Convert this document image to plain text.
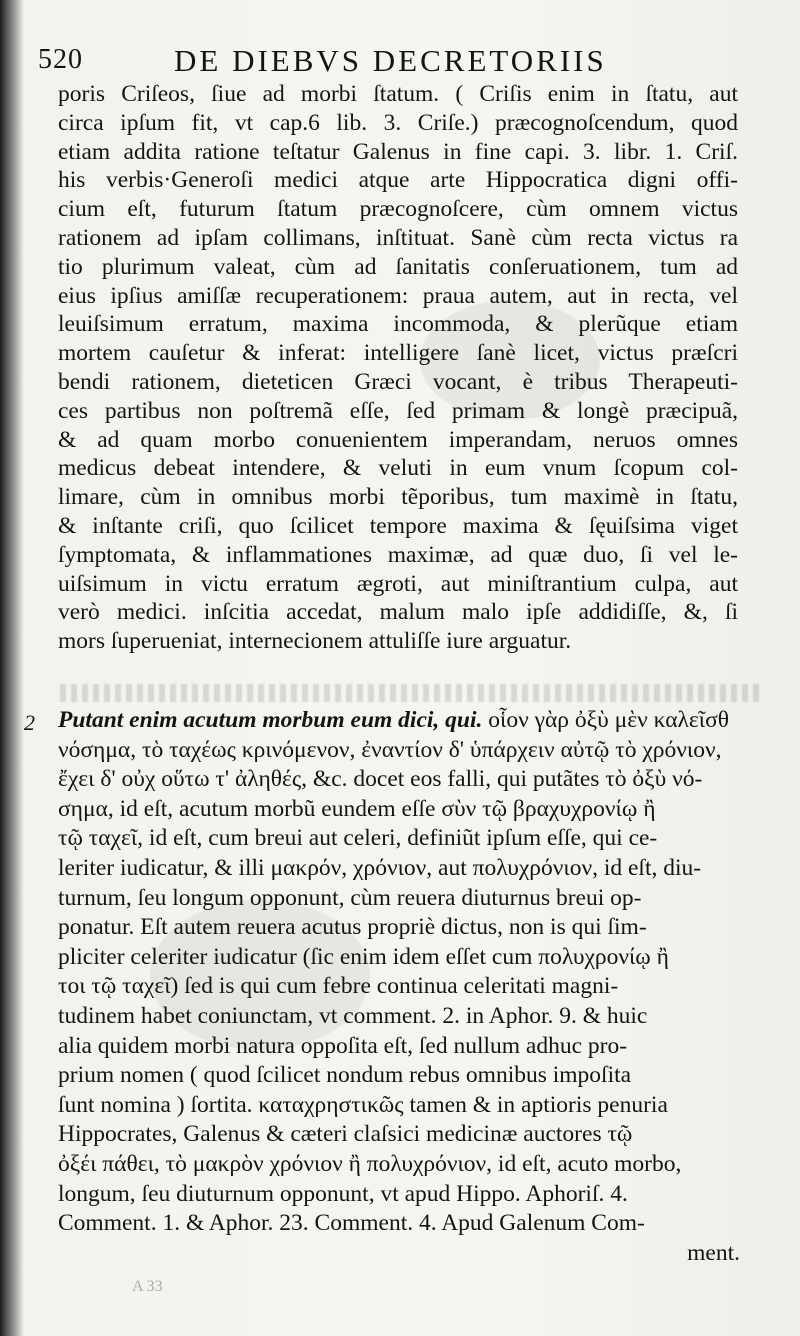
520	DE DIEBVS DECRETORIIS
poris Criſeos, ſiue ad morbi ſtatum. ( Criſis enim in ſtatu, aut
circa ipſum fit, vt cap.6 lib. 3. Criſe.) præcognoſcendum, quod
etiam addita ratione teſtatur Galenus in fine capi. 3. libr. 1. Criſ.
his verbis·Generoſi medici atque arte Hippocratica digni offi-
cium eſt, futurum ſtatum præcognoſcere, cùm omnem victus
rationem ad ipſam collimans, inſtituat. Sanè cùm recta victus ra
tio plurimum valeat, cùm ad ſanitatis conſeruationem, tum ad
eius ipſius amiſſæ recuperationem: praua autem, aut in recta, vel
leuiſsimum erratum, maxima incommoda, & plerũque etiam
mortem cauſetur & inferat: intelligere ſanè licet, victus præſcri
bendi rationem, dieteticen Græci vocant, è tribus Therapeuti-
ces partibus non poſtremã eſſe, ſed primam & longè præcipuã,
& ad quam morbo conuenientem imperandam, neruos omnes
medicus debeat intendere, & veluti in eum vnum ſcopum col-
limare, cùm in omnibus morbi tẽporibus, tum maximè in ſtatu,
& inſtante criſi, quo ſcilicet tempore maxima & ſęuiſsima viget
ſymptomata, & inflammationes maximæ, ad quæ duo, ſi vel le-
uiſsimum in victu erratum ægroti, aut miniſtrantium culpa, aut
verò medici. inſcitia accedat, malum malo ipſe addidiſſe, &, ſi
mors ſuperueniat, internecionem attuliſſe iure arguatur.
2 Putant enim acutum morbum eum dici, qui. οἷον γὰρ ὀξὺ μὲν καλεῖσθ
νόσημα, τὸ ταχέως κρινόμενον, ἐναντίον δ' ὑπάρχειν αὐτῷ τὸ χρόνιον,
ἔχει δ' οὐχ οὕτω τ' ἀληθές, &c. docet eos falli, qui putãtes τὸ ὀξὺ νό-
σημα, id eſt, acutum morbũ eundem eſſe σὺν τῷ βραχυχρονίῳ ἢ
τῷ ταχεῖ, id eſt, cum breui aut celeri, definiũt ipſum eſſe, qui ce-
leriter iudicatur, & illi μακρόν, χρόνιον, aut πολυχρόνιον, id eſt, diu-
turnum, ſeu longum opponunt, cùm reuera diuturnus breui op-
ponatur. Eſt autem reuera acutus propriè dictus, non is qui ſim-
pliciter celeriter iudicatur (ſic enim idem eſſet cum πολυχρονίῳ ἢ
τοι τῷ ταχεῖ) ſed is qui cum febre continua celeritati magni-
tudinem habet coniunctam, vt comment. 2. in Aphor. 9. & huic
alia quidem morbi natura oppoſita eſt, ſed nullum adhuc pro-
prium nomen ( quod ſcilicet nondum rebus omnibus impoſita
ſunt nomina ) ſortita. καταχρηστικῶς tamen & in aptioris penuria
Hippocrates, Galenus & cæteri claſsici medicinæ auctores τῷ
ὀξέι πάθει, τὸ μακρὸν χρόνιον ἢ πολυχρόνιον, id eſt, acuto morbo,
longum, ſeu diuturnum opponunt, vt apud Hippo. Aphoriſ. 4.
Comment. 1. & Aphor. 23. Comment. 4. Apud Galenum Com-
ment.
A 33
